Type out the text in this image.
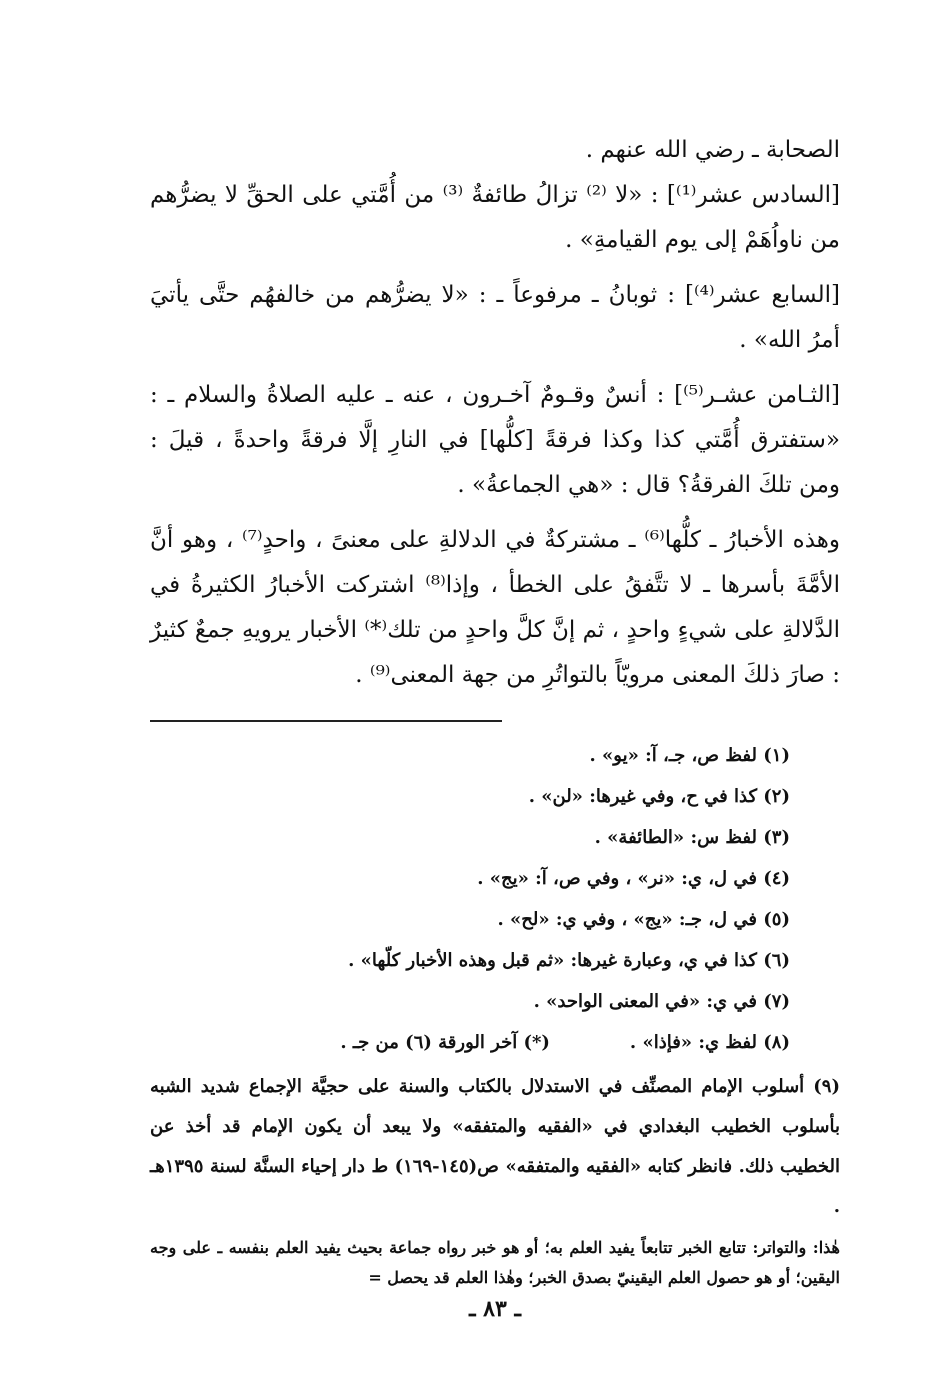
الصحابة ـ رضي الله عنهم .

[السادس عشر⁽¹⁾] : «لا ⁽²⁾ تزالُ طائفةٌ ⁽³⁾ من أُمَّتي على الحقِّ لا يضرُّهم من ناواُهَمْ إلى يوم القيامةِ» .

[السابع عشر⁽⁴⁾] : ثوبانُ ـ مرفوعاً ـ : «لا يضرُّهم من خالفهُم حتَّى يأتيَ أمرُ الله» .

[الثـامن عشـر⁽⁵⁾] : أنسٌ وقـومٌ آخـرون ، عنه ـ عليه الصلاةُ والسلام ـ : «ستفترق أُمَّتي كذا وكذا فرقةً [كلُّها] في النارِ إلَّا فرقةً واحدةً ، قيلَ : ومن تلكَ الفرقةُ؟ قال : «هي الجماعةُ» .

وهذه الأخبارُ ـ كلُّها⁽⁶⁾ ـ مشتركةٌ في الدلالةِ على معنىً ، واحدٍ⁽⁷⁾ ، وهو أنَّ الأمَّةَ بأسرها ـ لا تتَّفقُ على الخطأ ، وإذا⁽⁸⁾ اشتركت الأخبارُ الكثيرةُ في الدَّلالةِ على شيءٍ واحدٍ ، ثم إنَّ كلَّ واحدٍ من تلك⁽*⁾ الأخبار يرويهِ جمعٌ كثيرٌ : صارَ ذلكَ المعنى مرويّاً بالتواتُرِ من جهة المعنى⁽⁹⁾ .

(١) لفظ ص، جـ، آ: «يو» .
(٢) كذا في ح، وفي غيرها: «لن» .
(٣) لفظ س: «الطائفة» .
(٤) في ل، ي: «نر» ، وفي ص، آ: «يج» .
(٥) في ل، جـ: «يج» ، وفي ي: «لح» .
(٦) كذا في ي، وعبارة غيرها: «ثم قبل وهذه الأخبار كلّها» .
(٧) في ي: «في المعنى الواحد» .
(٨) لفظ ي: «فإذا» .
(*) آخر الورقة (٦) من جـ .
(٩) أسلوب الإمام المصنِّف في الاستدلال بالكتاب والسنة على حجيَّة الإجماع شديد الشبه بأسلوب الخطيب البغدادي في «الفقيه والمتفقه» ولا يبعد أن يكون الإمام قد أخذ عن الخطيب ذلك. فانظر كتابه «الفقيه والمتفقه» ص(١٤٥-١٦٩) ط دار إحياء السنَّة لسنة ١٣٩٥هـ .
هٰذا: والتواتر: تتابع الخبر تتابعاً يفيد العلم به؛ أو هو خبر رواه جماعة بحيث يفيد العلم بنفسه ـ على وجه اليقين؛ أو هو حصول العلم اليقينيّ بصدق الخبر؛ وهٰذا العلم قد يحصل =
ـ ٨٣ ـ
